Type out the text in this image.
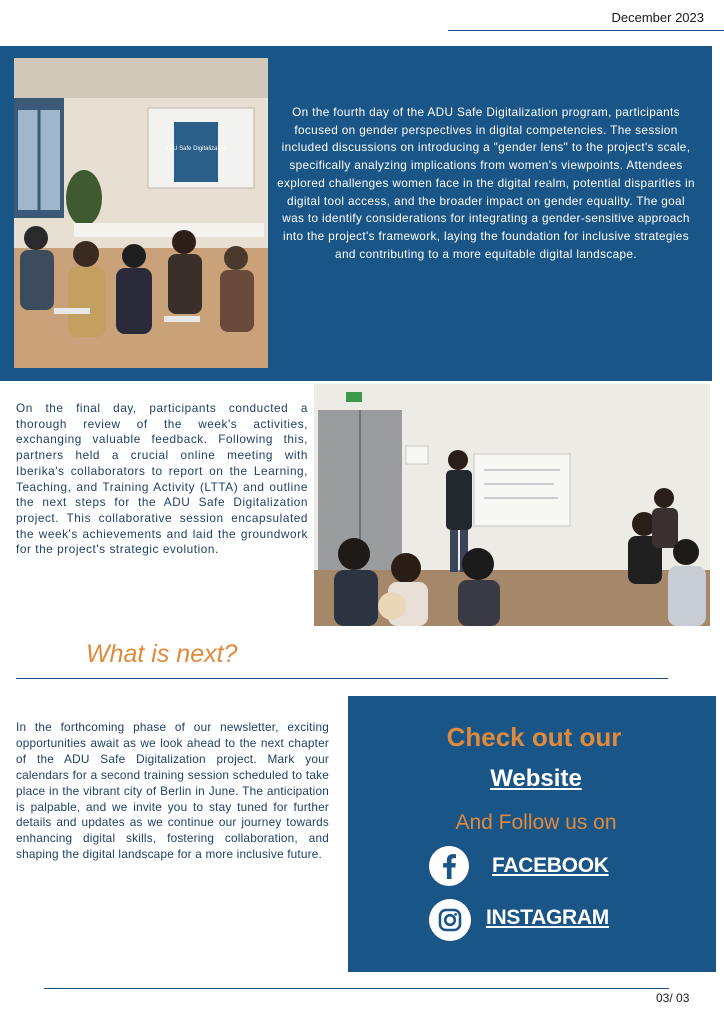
December 2023
ADU Safe Digitalization
On the fourth day of the ADU Safe Digitalization program, participants focused on gender perspectives in digital competencies. The session included discussions on introducing a "gender lens" to the project's scale, specifically analyzing implications from women's viewpoints. Attendees explored challenges women face in the digital realm, potential disparities in digital tool access, and the broader impact on gender equality. The goal was to identify considerations for integrating a gender-sensitive approach into the project's framework, laying the foundation for inclusive strategies and contributing to a more equitable digital landscape.
On the final day, participants conducted a thorough review of the week's activities, exchanging valuable feedback. Following this, partners held a crucial online meeting with Iberika's collaborators to report on the Learning, Teaching, and Training Activity (LTTA) and outline the next steps for the ADU Safe Digitalization project. This collaborative session encapsulated the week's achievements and laid the groundwork for the project's strategic evolution.
What is next?
In the forthcoming phase of our newsletter, exciting opportunities await as we look ahead to the next chapter of the ADU Safe Digitalization project. Mark your calendars for a second training session scheduled to take place in the vibrant city of Berlin in June. The anticipation is palpable, and we invite you to stay tuned for further details and updates as we continue our journey towards enhancing digital skills, fostering collaboration, and shaping the digital landscape for a more inclusive future.
Check out our
Website
And Follow us on
FACEBOOK
INSTAGRAM
03/ 03
